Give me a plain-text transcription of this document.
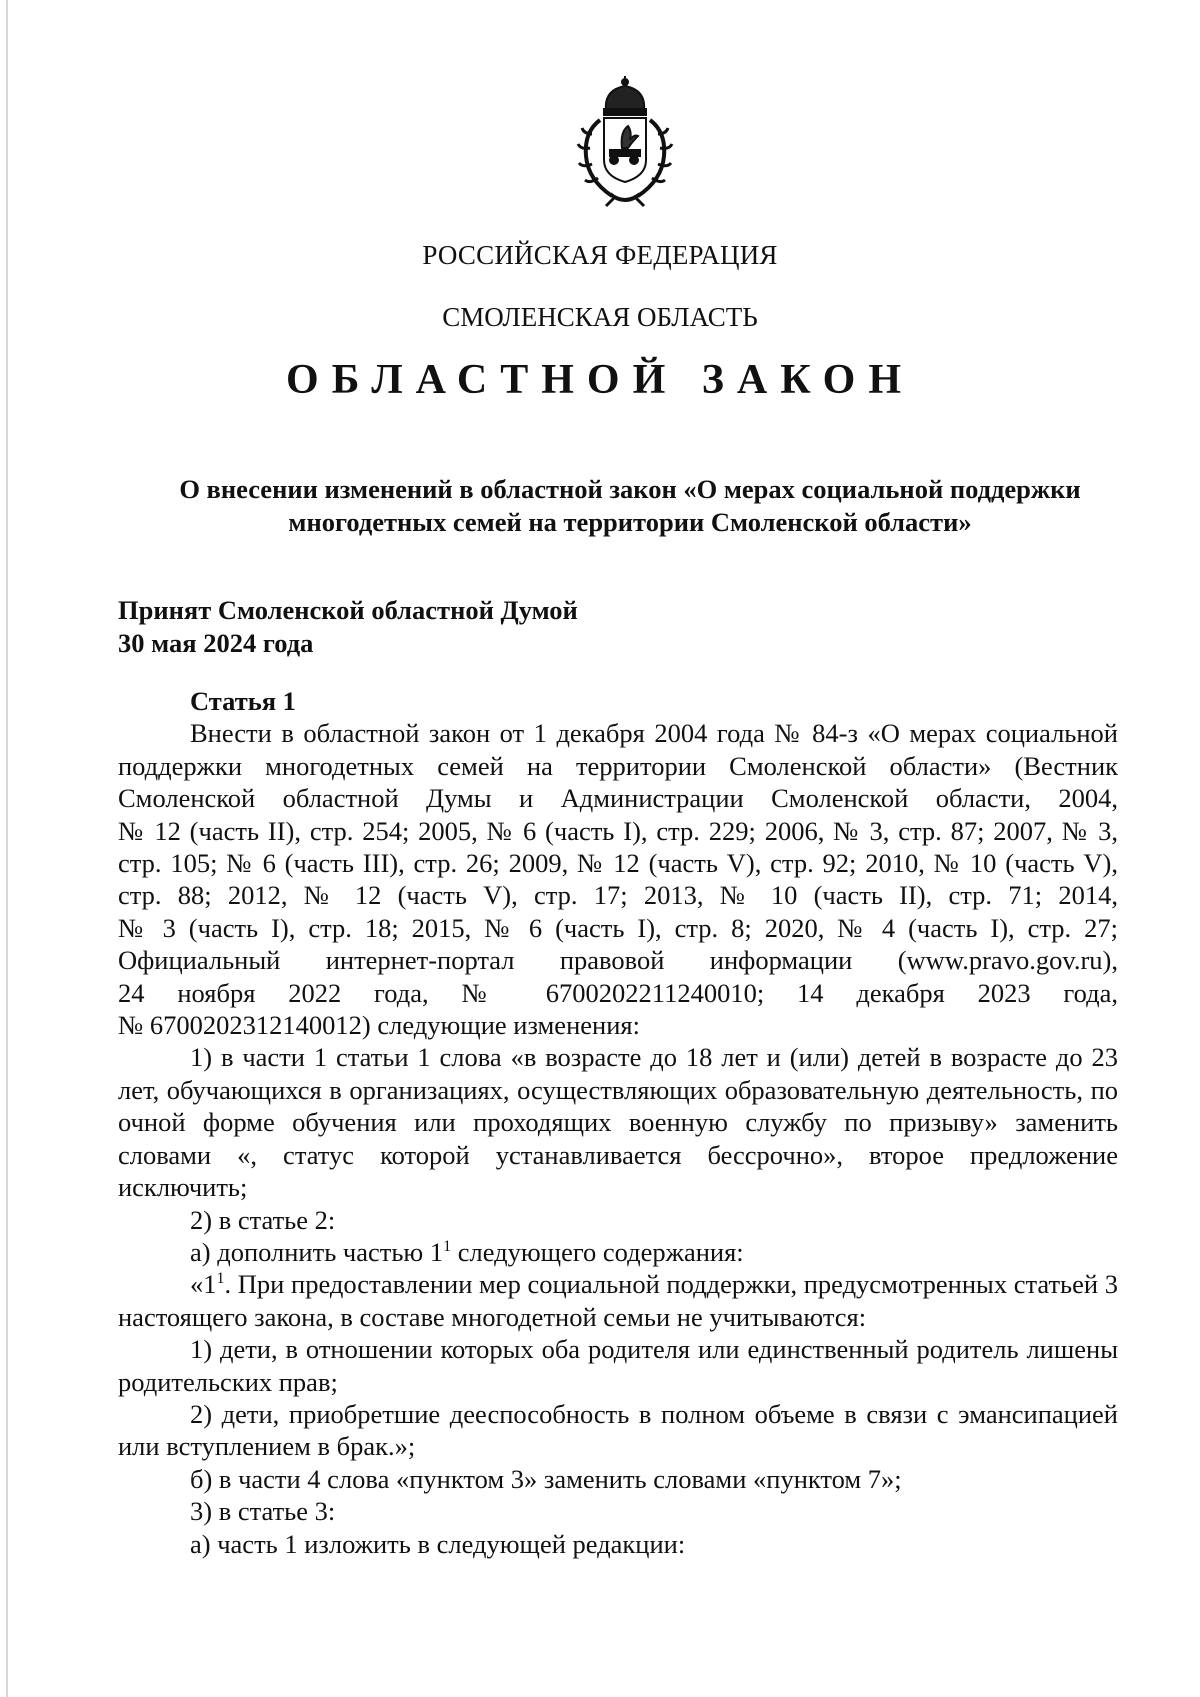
РОССИЙСКАЯ ФЕДЕРАЦИЯ
СМОЛЕНСКАЯ ОБЛАСТЬ
ОБЛАСТНОЙ ЗАКОН
О внесении изменений в областной закон «О мерах социальной поддержки
многодетных семей на территории Смоленской области»
Принят Смоленской областной Думой
30 мая 2024 года

Статья 1

Внести в областной закон от 1 декабря 2004 года № 84-з «О мерах социальной
поддержки многодетных семей на территории Смоленской области» (Вестник
Смоленской областной Думы и Администрации Смоленской области, 2004,
№ 12 (часть II), стр. 254; 2005, № 6 (часть I), стр. 229; 2006, № 3, стр. 87; 2007, № 3,
стр. 105; № 6 (часть III), стр. 26; 2009, № 12 (часть V), стр. 92; 2010, № 10 (часть V),
стр. 88; 2012, № 12 (часть V), стр. 17; 2013, № 10 (часть II), стр. 71; 2014,
№ 3 (часть I), стр. 18; 2015, № 6 (часть I), стр. 8; 2020, № 4 (часть I), стр. 27;
Официальный интернет-портал правовой информации (www.pravo.gov.ru),
24 ноября 2022 года, № 6700202211240010; 14 декабря 2023 года,
№ 6700202312140012) следующие изменения:

1) в части 1 статьи 1 слова «в возрасте до 18 лет и (или) детей в возрасте до 23 лет, обучающихся в организациях, осуществляющих образовательную деятельность, по очной форме обучения или проходящих военную службу по призыву» заменить словами «, статус которой устанавливается бессрочно», второе предложение исключить;

2) в статье 2:

а) дополнить частью $1^1$ следующего содержания:

«$1^1$. При предоставлении мер социальной поддержки, предусмотренных статьей 3 настоящего закона, в составе многодетной семьи не учитываются:

1) дети, в отношении которых оба родителя или единственный родитель лишены родительских прав;

2) дети, приобретшие дееспособность в полном объеме в связи с эмансипацией или вступлением в брак.»;

б) в части 4 слова «пунктом 3» заменить словами «пунктом 7»;

3) в статье 3:

а) часть 1 изложить в следующей редакции:
